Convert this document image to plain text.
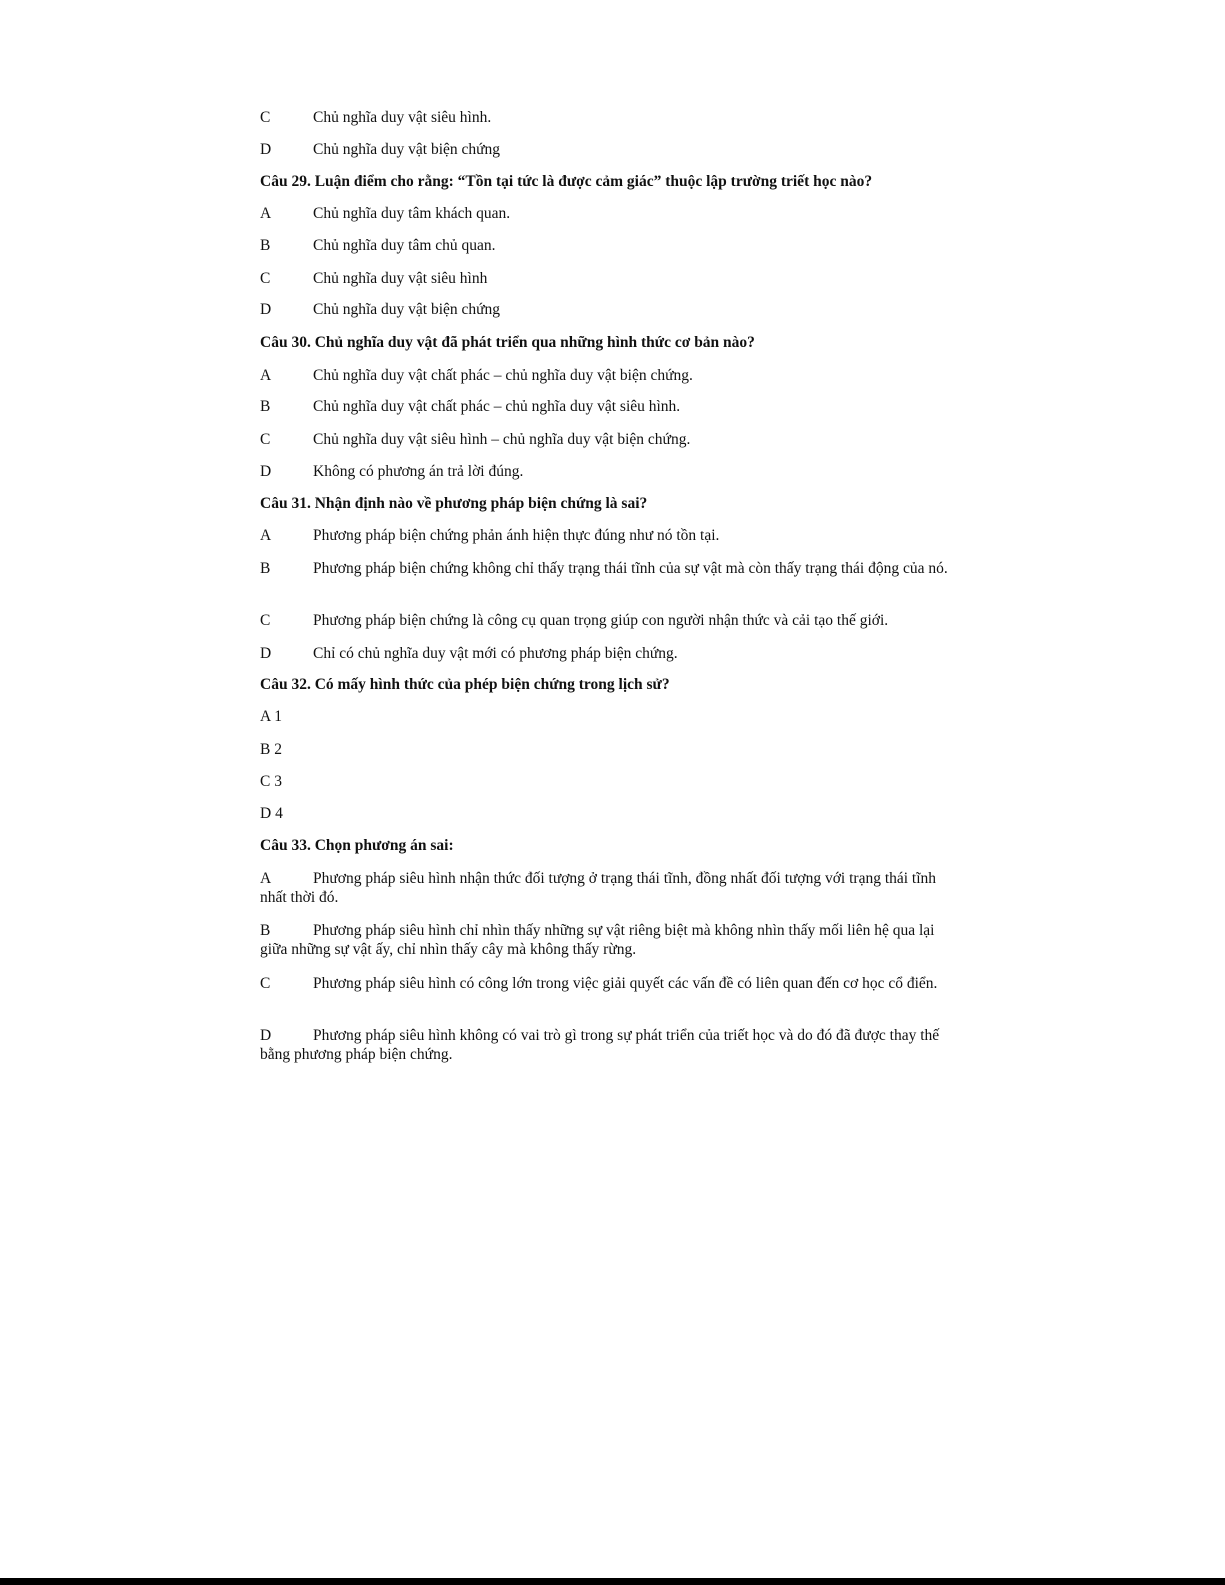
C	Chủ nghĩa duy vật siêu hình.
D	Chủ nghĩa duy vật biện chứng
Câu 29. Luận điểm cho rằng: “Tồn tại tức là được cảm giác” thuộc lập trường triết học nào?
A	Chủ nghĩa duy tâm khách quan.
B	Chủ nghĩa duy tâm chủ quan.
C	Chủ nghĩa duy vật siêu hình
D	Chủ nghĩa duy vật biện chứng
Câu 30. Chủ nghĩa duy vật đã phát triển qua những hình thức cơ bản nào?
A	Chủ nghĩa duy vật chất phác – chủ nghĩa duy vật biện chứng.
B	Chủ nghĩa duy vật chất phác – chủ nghĩa duy vật siêu hình.
C	Chủ nghĩa duy vật siêu hình – chủ nghĩa duy vật biện chứng.
D	Không có phương án trả lời đúng.
Câu 31. Nhận định nào về phương pháp biện chứng là sai?
A	Phương pháp biện chứng phản ánh hiện thực đúng như nó tồn tại.
B	Phương pháp biện chứng không chỉ thấy trạng thái tĩnh của sự vật mà còn thấy trạng thái động của nó.
C	Phương pháp biện chứng là công cụ quan trọng giúp con người nhận thức và cải tạo thế giới.
D	Chỉ có chủ nghĩa duy vật mới có phương pháp biện chứng.
Câu 32. Có mấy hình thức của phép biện chứng trong lịch sử?
A 1
B 2
C 3
D 4
Câu 33. Chọn phương án sai:
A	Phương pháp siêu hình nhận thức đối tượng ở trạng thái tĩnh, đồng nhất đối tượng với trạng thái tĩnh nhất thời đó.
B	Phương pháp siêu hình chỉ nhìn thấy những sự vật riêng biệt mà không nhìn thấy mối liên hệ qua lại giữa những sự vật ấy, chỉ nhìn thấy cây mà không thấy rừng.
C	Phương pháp siêu hình có công lớn trong việc giải quyết các vấn đề có liên quan đến cơ học cổ điển.
D	Phương pháp siêu hình không có vai trò gì trong sự phát triển của triết học và do đó đã được thay thế bằng phương pháp biện chứng.
